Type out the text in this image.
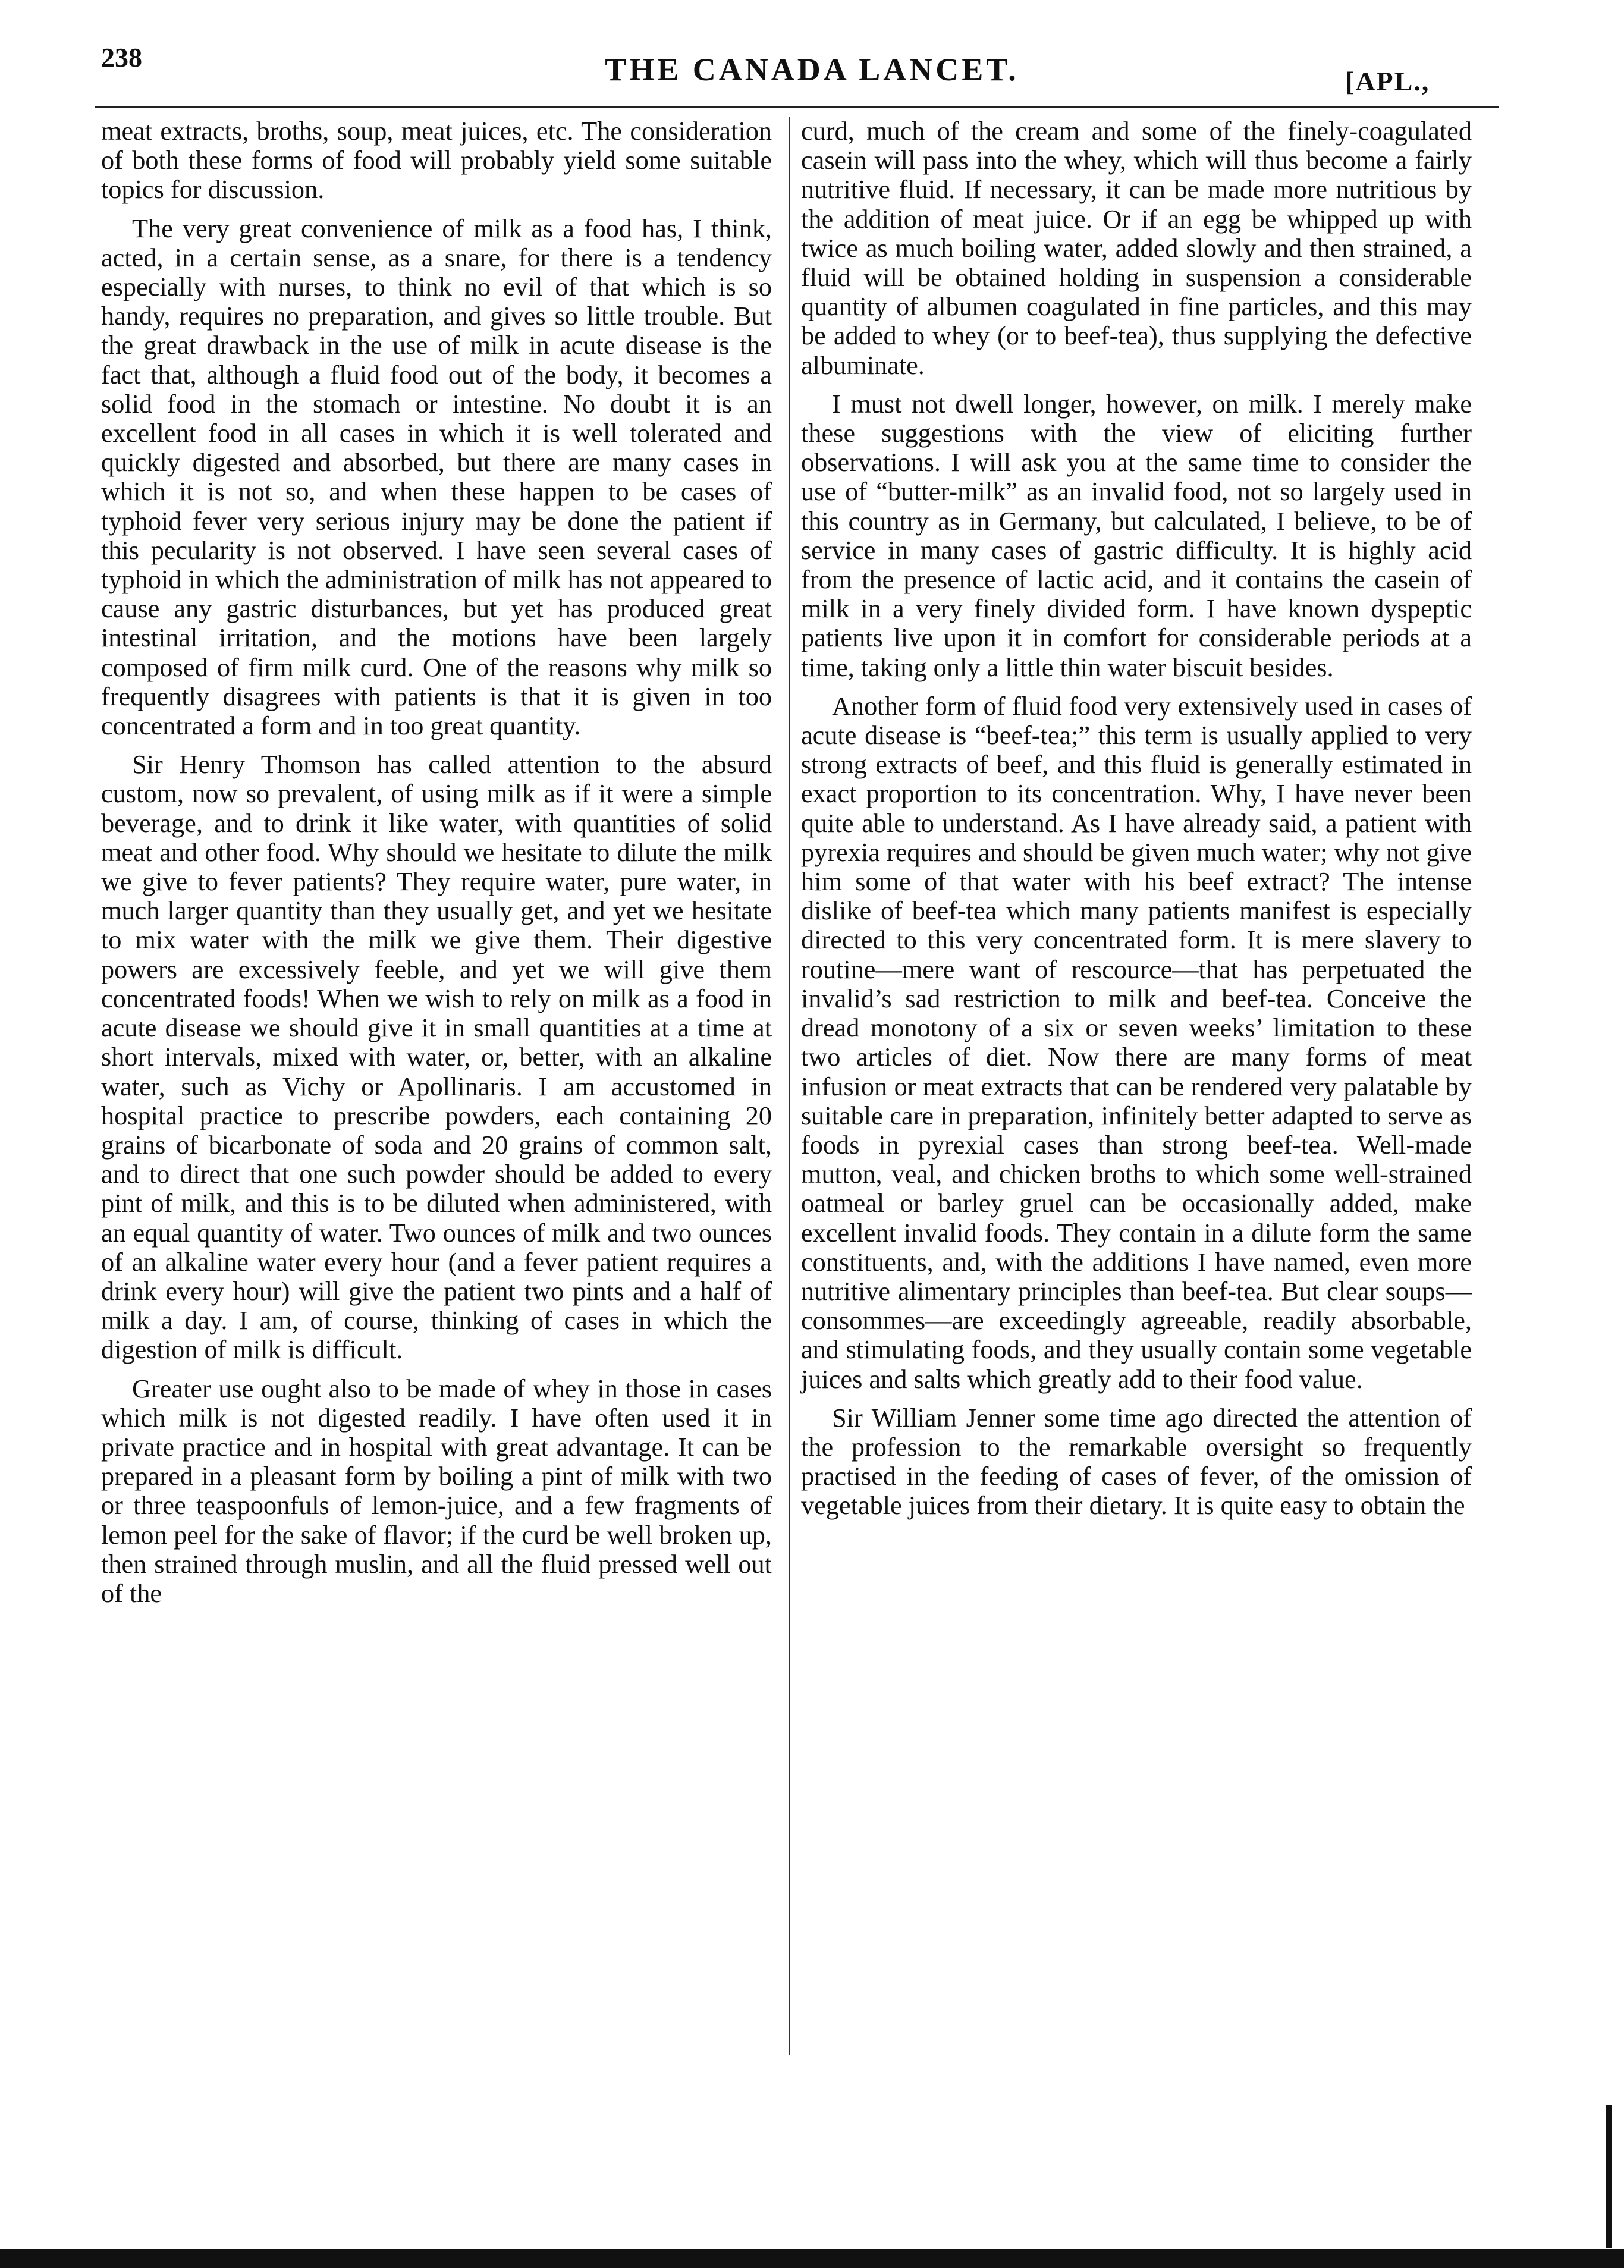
238	THE CANADA LANCET.	[APL.,

meat extracts, broths, soup, meat juices, etc. The consideration of both these forms of food will probably yield some suitable topics for discussion.

The very great convenience of milk as a food has, I think, acted, in a certain sense, as a snare, for there is a tendency especially with nurses, to think no evil of that which is so handy, requires no preparation, and gives so little trouble. But the great drawback in the use of milk in acute disease is the fact that, although a fluid food out of the body, it becomes a solid food in the stomach or intestine. No doubt it is an excellent food in all cases in which it is well tolerated and quickly digested and absorbed, but there are many cases in which it is not so, and when these happen to be cases of typhoid fever very serious injury may be done the patient if this pecularity is not observed. I have seen several cases of typhoid in which the administration of milk has not appeared to cause any gastric disturbances, but yet has produced great intestinal irritation, and the motions have been largely composed of firm milk curd. One of the reasons why milk so frequently disagrees with patients is that it is given in too concentrated a form and in too great quantity.

Sir Henry Thomson has called attention to the absurd custom, now so prevalent, of using milk as if it were a simple beverage, and to drink it like water, with quantities of solid meat and other food. Why should we hesitate to dilute the milk we give to fever patients? They require water, pure water, in much larger quantity than they usually get, and yet we hesitate to mix water with the milk we give them. Their digestive powers are excessively feeble, and yet we will give them concentrated foods! When we wish to rely on milk as a food in acute disease we should give it in small quantities at a time at short intervals, mixed with water, or, better, with an alkaline water, such as Vichy or Apollinaris. I am accustomed in hospital practice to prescribe powders, each containing 20 grains of bicarbonate of soda and 20 grains of common salt, and to direct that one such powder should be added to every pint of milk, and this is to be diluted when administered, with an equal quantity of water. Two ounces of milk and two ounces of an alkaline water every hour (and a fever patient requires a drink every hour) will give the patient two pints and a half of milk a day. I am, of course, thinking of cases in which the digestion of milk is difficult.

Greater use ought also to be made of whey in those in cases which milk is not digested readily. I have often used it in private practice and in hospital with great advantage. It can be prepared in a pleasant form by boiling a pint of milk with two or three teaspoonfuls of lemon-juice, and a few fragments of lemon peel for the sake of flavor; if the curd be well broken up, then strained through muslin, and all the fluid pressed well out of the

curd, much of the cream and some of the finely-coagulated casein will pass into the whey, which will thus become a fairly nutritive fluid. If necessary, it can be made more nutritious by the addition of meat juice. Or if an egg be whipped up with twice as much boiling water, added slowly and then strained, a fluid will be obtained holding in suspension a considerable quantity of albumen coagulated in fine particles, and this may be added to whey (or to beef-tea), thus supplying the defective albuminate.

I must not dwell longer, however, on milk. I merely make these suggestions with the view of eliciting further observations. I will ask you at the same time to consider the use of “butter-milk” as an invalid food, not so largely used in this country as in Germany, but calculated, I believe, to be of service in many cases of gastric difficulty. It is highly acid from the presence of lactic acid, and it contains the casein of milk in a very finely divided form. I have known dyspeptic patients live upon it in comfort for considerable periods at a time, taking only a little thin water biscuit besides.

Another form of fluid food very extensively used in cases of acute disease is “beef-tea;” this term is usually applied to very strong extracts of beef, and this fluid is generally estimated in exact proportion to its concentration. Why, I have never been quite able to understand. As I have already said, a patient with pyrexia requires and should be given much water; why not give him some of that water with his beef extract? The intense dislike of beef-tea which many patients manifest is especially directed to this very concentrated form. It is mere slavery to routine—mere want of rescource—that has perpetuated the invalid’s sad restriction to milk and beef-tea. Conceive the dread monotony of a six or seven weeks’ limitation to these two articles of diet. Now there are many forms of meat infusion or meat extracts that can be rendered very palatable by suitable care in preparation, infinitely better adapted to serve as foods in pyrexial cases than strong beef-tea. Well-made mutton, veal, and chicken broths to which some well-strained oatmeal or barley gruel can be occasionally added, make excellent invalid foods. They contain in a dilute form the same constituents, and, with the additions I have named, even more nutritive alimentary principles than beef-tea. But clear soups—consommes—are exceedingly agreeable, readily absorbable, and stimulating foods, and they usually contain some vegetable juices and salts which greatly add to their food value.

Sir William Jenner some time ago directed the attention of the profession to the remarkable oversight so frequently practised in the feeding of cases of fever, of the omission of vegetable juices from their dietary. It is quite easy to obtain the
